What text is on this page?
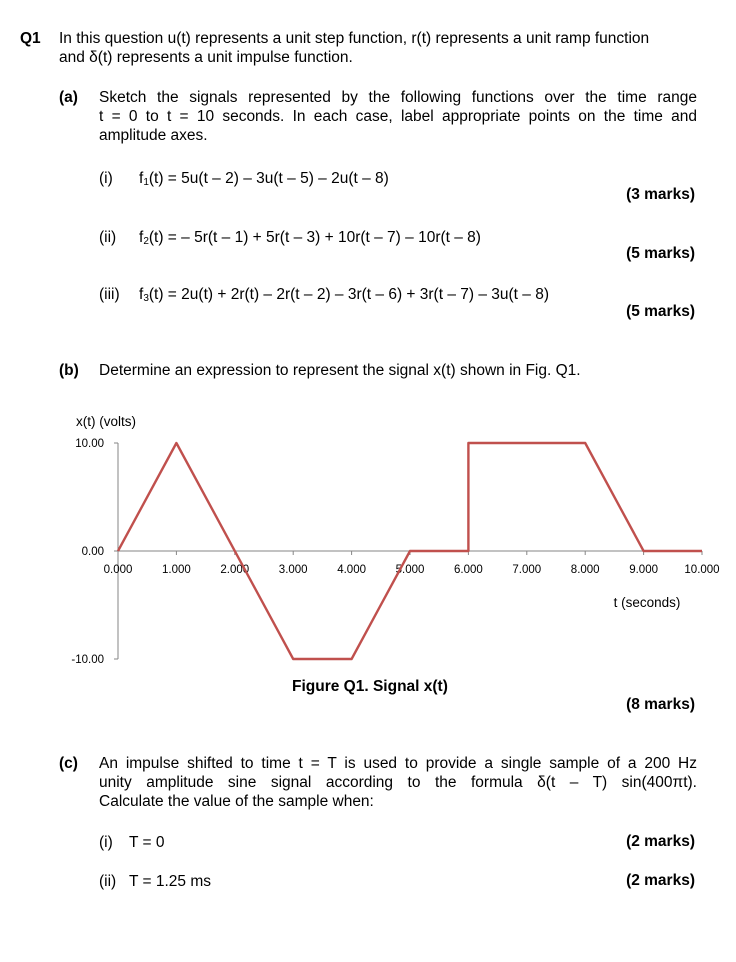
Q1 In this question u(t) represents a unit step function, r(t) represents a unit ramp function
and δ(t) represents a unit impulse function.
(a) Sketch the signals represented by the following functions over the time range
t = 0 to t = 10 seconds. In each case, label appropriate points on the time and
amplitude axes.
(i) $f_1(t) = 5u(t - 2) - 3u(t - 5) - 2u(t - 8)$
(3 marks)
(ii) $f_2(t)$ = – 5r(t – 1) + 5r(t – 3) + 10r(t – 7) – 10r(t – 8)
(5 marks)
(iii) $f_3(t) = 2u(t) + 2r(t) - 2r(t - 2) - 3r(t - 6) + 3r(t - 7) - 3u(t - 8)$
(5 marks)
(b) Determine an expression to represent the signal x(t) shown in Fig. Q1.
x(t) (volts)
t (seconds)
10.00
0.00
-10.00
0.000	1.000	2.000	3.000	4.000	5.000	6.000	7.000	8.000	9.000 10.000
Figure Q1. Signal x(t)
(8 marks)
(c) An impulse shifted to time t = T is used to provide a single sample of a 200 Hz
unity amplitude sine signal according to the formula δ(t – T) sin(400πt).
Calculate the value of the sample when:
(i) T = 0	(2 marks)
(ii) T = 1.25 ms	(2 marks)
